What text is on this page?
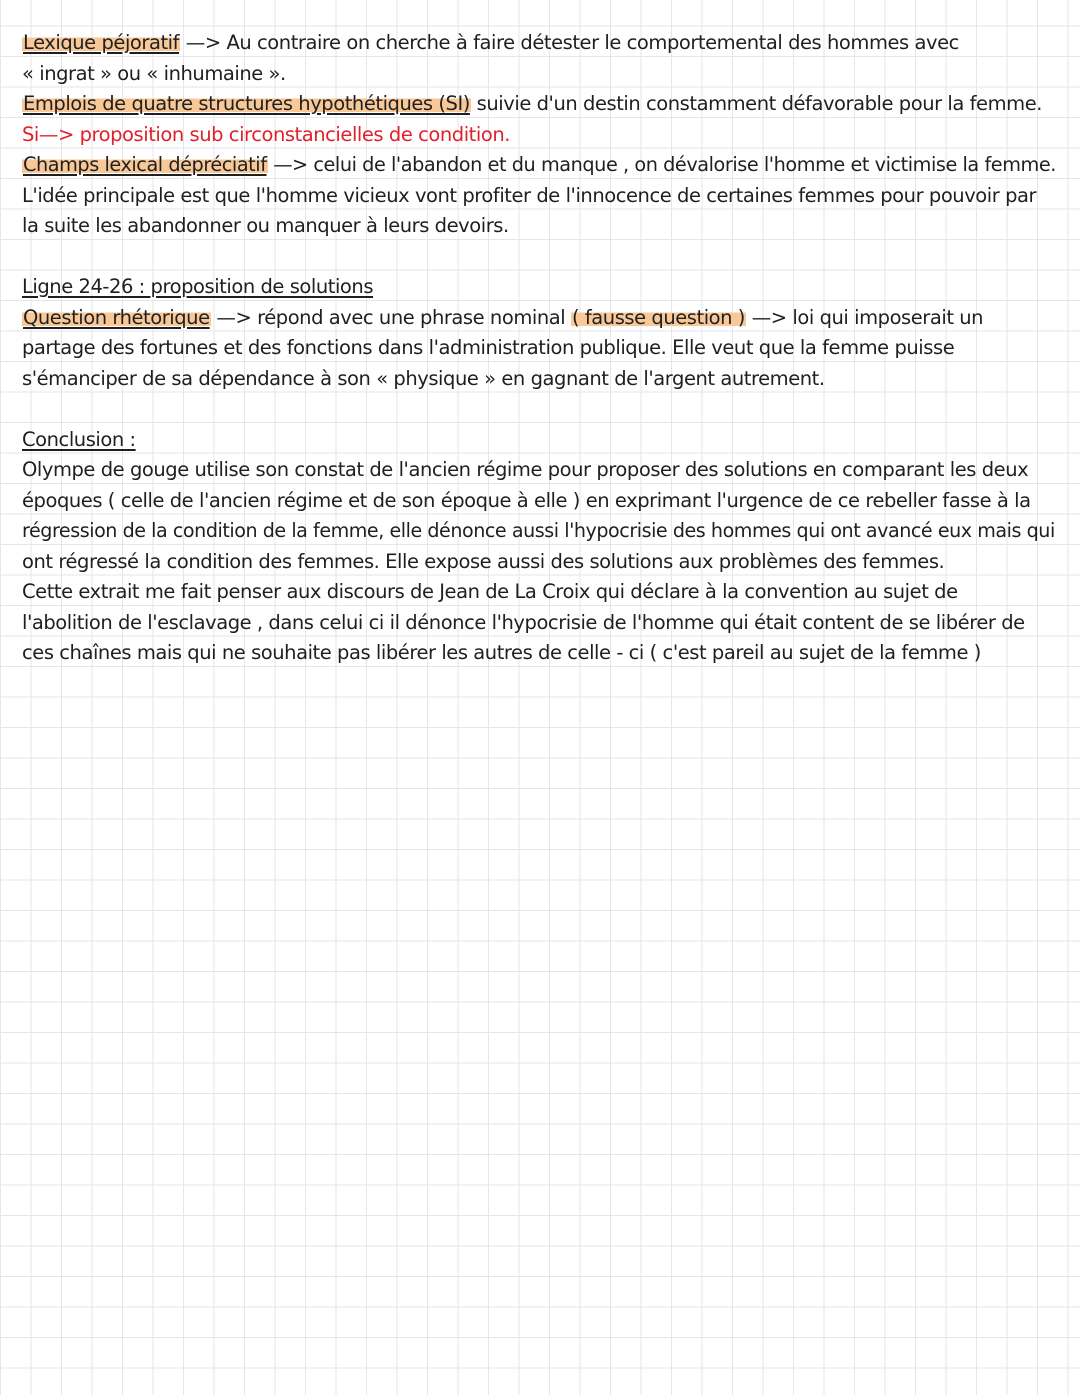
Lexique péjoratif —> Au contraire on cherche à faire détester le comportemental des hommes avec
« ingrat » ou « inhumaine ».
Emplois de quatre structures hypothétiques (SI) suivie d'un destin constamment défavorable pour la femme.
Si—> proposition sub circonstancielles de condition.
Champs lexical dépréciatif —> celui de l'abandon et du manque , on dévalorise l'homme et victimise la femme.
L'idée principale est que l'homme vicieux vont profiter de l'innocence de certaines femmes pour pouvoir par
la suite les abandonner ou manquer à leurs devoirs.
Ligne 24-26 : proposition de solutions
Question rhétorique —> répond avec une phrase nominal ( fausse question ) —> loi qui imposerait un
partage des fortunes et des fonctions dans l'administration publique. Elle veut que la femme puisse
s'émanciper de sa dépendance à son « physique » en gagnant de l'argent autrement.
Conclusion :
Olympe de gouge utilise son constat de l'ancien régime pour proposer des solutions en comparant les deux
époques ( celle de l'ancien régime et de son époque à elle ) en exprimant l'urgence de ce rebeller fasse à la
régression de la condition de la femme, elle dénonce aussi l'hypocrisie des hommes qui ont avancé eux mais qui
ont régressé la condition des femmes. Elle expose aussi des solutions aux problèmes des femmes.
Cette extrait me fait penser aux discours de Jean de La Croix qui déclare à la convention au sujet de
l'abolition de l'esclavage , dans celui ci il dénonce l'hypocrisie de l'homme qui était content de se libérer de
ces chaînes mais qui ne souhaite pas libérer les autres de celle - ci ( c'est pareil au sujet de la femme )
